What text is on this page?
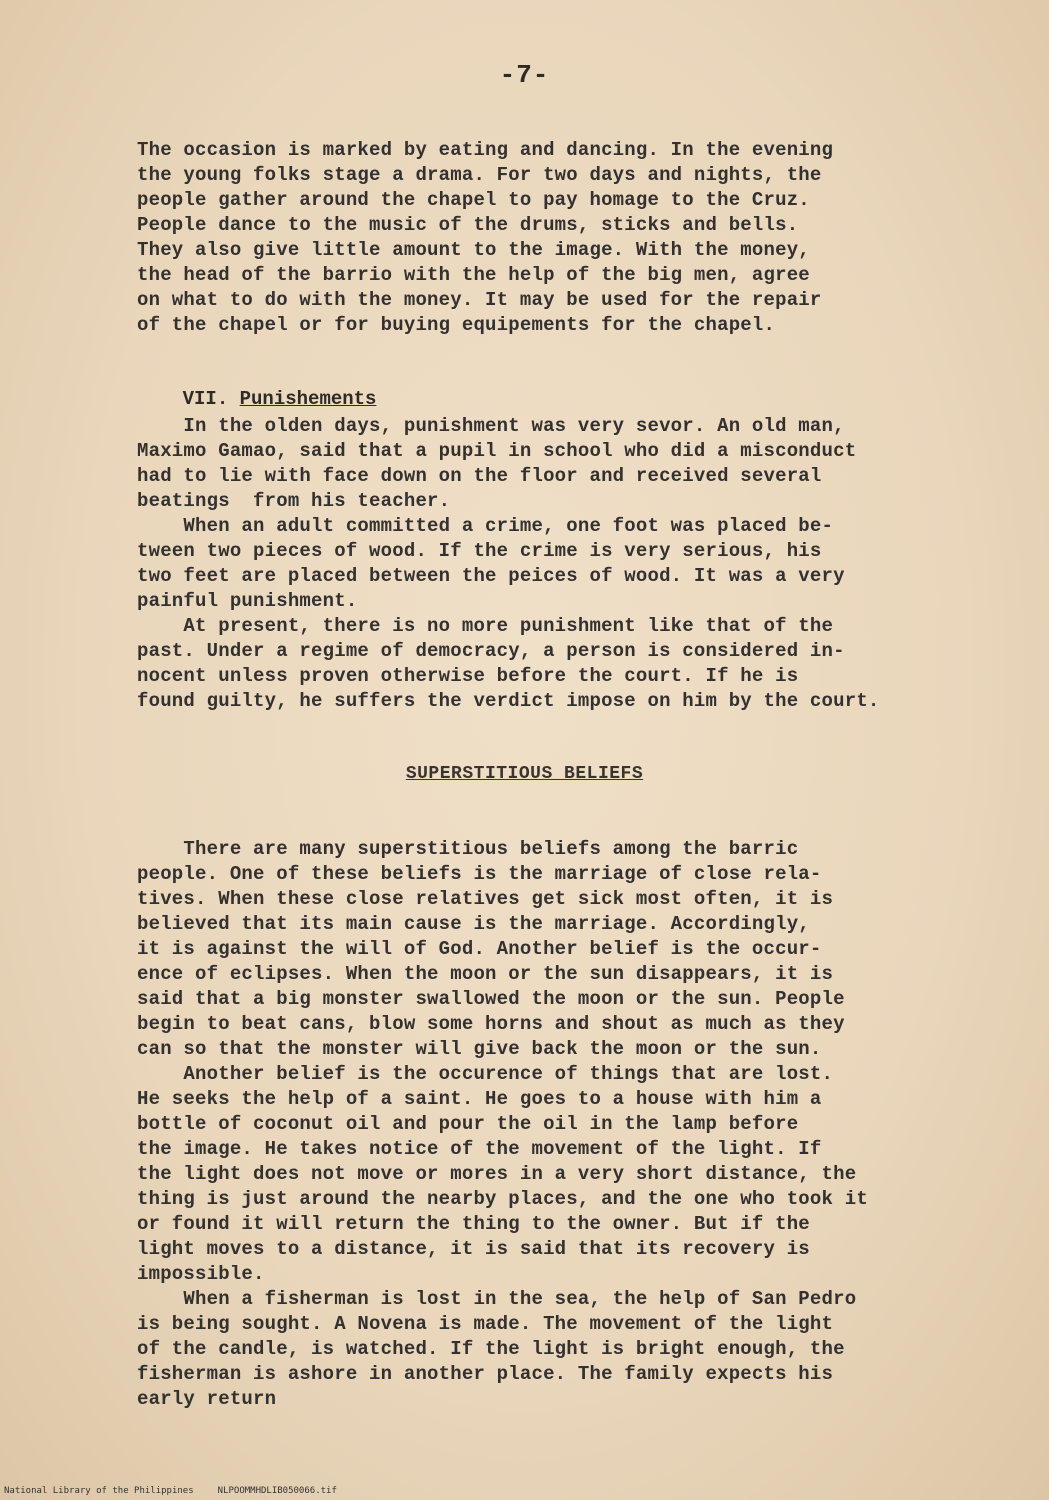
-7-
The occasion is marked by eating and dancing. In the evening
the young folks stage a drama. For two days and nights, the
people gather around the chapel to pay homage to the Cruz.
People dance to the music of the drums, sticks and bells.
They also give little amount to the image. With the money,
the head of the barrio with the help of the big men, agree
on what to do with the money. It may be used for the repair
of the chapel or for buying equipements for the chapel.

VII. Punishements

In the olden days, punishment was very sevor. An old man,
Maximo Gamao, said that a pupil in school who did a misconduct
had to lie with face down on the floor and received several
beatings  from his teacher.
When an adult committed a crime, one foot was placed be-
tween two pieces of wood. If the crime is very serious, his
two feet are placed between the peices of wood. It was a very
painful punishment.
At present, there is no more punishment like that of the
past. Under a regime of democracy, a person is considered in-
nocent unless proven otherwise before the court. If he is
found guilty, he suffers the verdict impose on him by the court.
SUPERSTITIOUS BELIEFS
There are many superstitious beliefs among the barric
people. One of these beliefs is the marriage of close rela-
tives. When these close relatives get sick most often, it is
believed that its main cause is the marriage. Accordingly,
it is against the will of God. Another belief is the occur-
ence of eclipses. When the moon or the sun disappears, it is
said that a big monster swallowed the moon or the sun. People
begin to beat cans, blow some horns and shout as much as they
can so that the monster will give back the moon or the sun.
Another belief is the occurence of things that are lost.
He seeks the help of a saint. He goes to a house with him a
bottle of coconut oil and pour the oil in the lamp before
the image. He takes notice of the movement of the light. If
the light does not move or mores in a very short distance, the
thing is just around the nearby places, and the one who took it
or found it will return the thing to the owner. But if the
light moves to a distance, it is said that its recovery is
impossible.
When a fisherman is lost in the sea, the help of San Pedro
is being sought. A Novena is made. The movement of the light
of the candle, is watched. If the light is bright enough, the
fisherman is ashore in another place. The family expects his
early return
National Library of the Philippines	NLPOOMMHDLIB050066.tif
